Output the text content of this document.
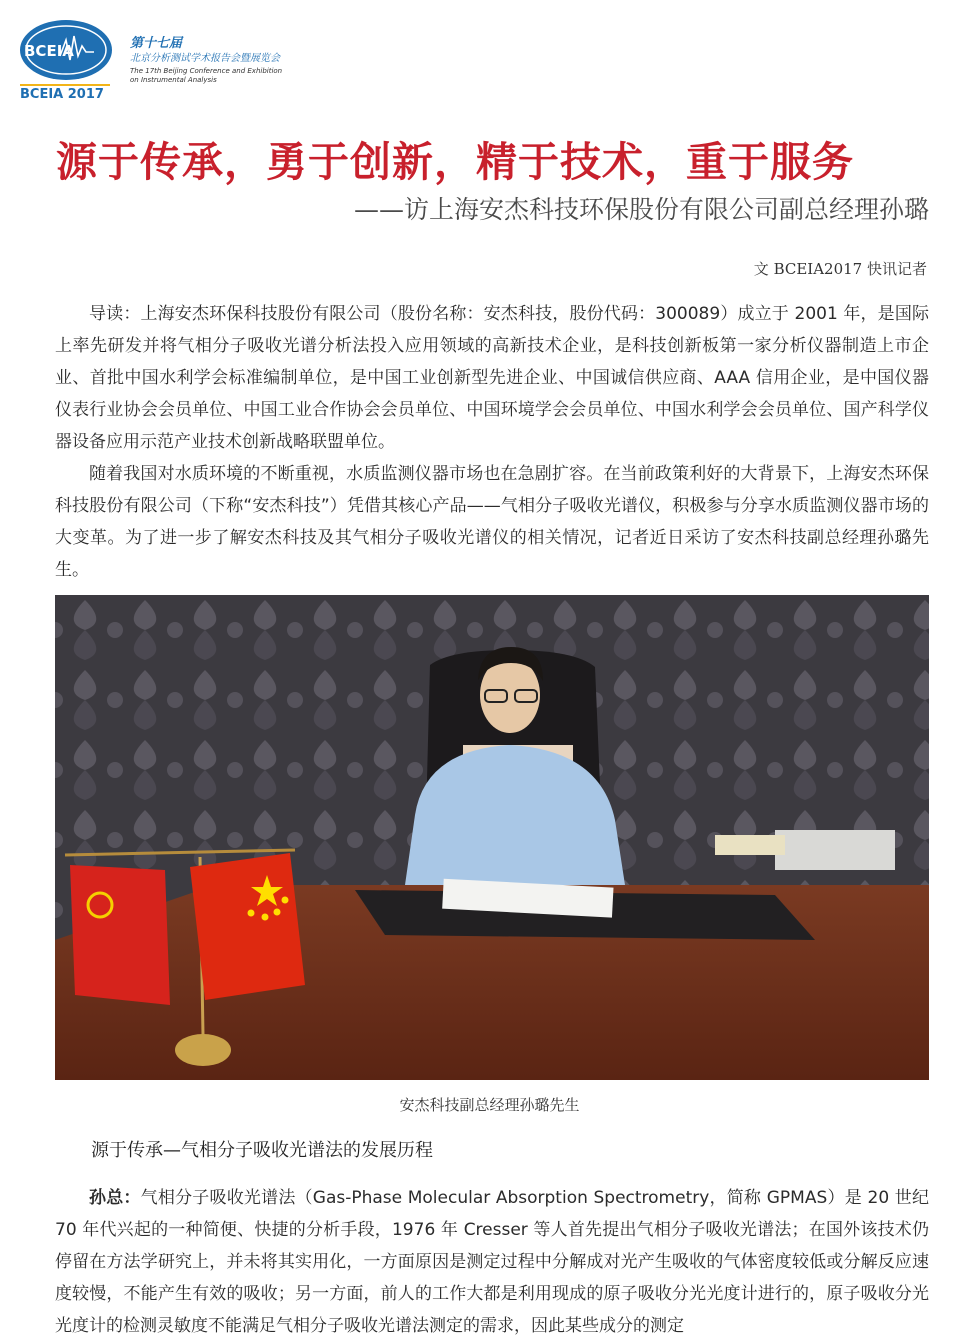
BCEIA
BCEIA 2017
第十七届
北京分析测试学术报告会暨展览会
The 17th Beijing Conference and Exhibition
on Instrumental Analysis
源于传承，勇于创新，精于技术，重于服务
——访上海安杰科技环保股份有限公司副总经理孙璐
文 BCEIA2017 快讯记者

导读：上海安杰环保科技股份有限公司（股份名称：安杰科技，股份代码：300089）成立于 2001 年，是国际上率先研发并将气相分子吸收光谱分析法投入应用领域的高新技术企业，是科技创新板第一家分析仪器制造上市企业、首批中国水利学会标准编制单位，是中国工业创新型先进企业、中国诚信供应商、AAA 信用企业，是中国仪器仪表行业协会会员单位、中国工业合作协会会员单位、中国环境学会会员单位、中国水利学会会员单位、国产科学仪器设备应用示范产业技术创新战略联盟单位。

随着我国对水质环境的不断重视，水质监测仪器市场也在急剧扩容。在当前政策利好的大背景下，上海安杰环保科技股份有限公司（下称“安杰科技”）凭借其核心产品——气相分子吸收光谱仪，积极参与分享水质监测仪器市场的大变革。为了进一步了解安杰科技及其气相分子吸收光谱仪的相关情况，记者近日采访了安杰科技副总经理孙璐先生。

安杰科技副总经理孙璐先生
源于传承—气相分子吸收光谱法的发展历程

孙总：气相分子吸收光谱法（Gas-Phase Molecular Absorption Spectrometry，简称 GPMAS）是 20 世纪 70 年代兴起的一种简便、快捷的分析手段，1976 年 Cresser 等人首先提出气相分子吸收光谱法；在国外该技术仍停留在方法学研究上，并未将其实用化，一方面原因是测定过程中分解成对光产生吸收的气体密度较低或分解反应速度较慢，不能产生有效的吸收；另一方面，前人的工作大都是利用现成的原子吸收分光光度计进行的，原子吸收分光光度计的检测灵敏度不能满足气相分子吸收光谱法测定的需求，因此某些成分的测定
